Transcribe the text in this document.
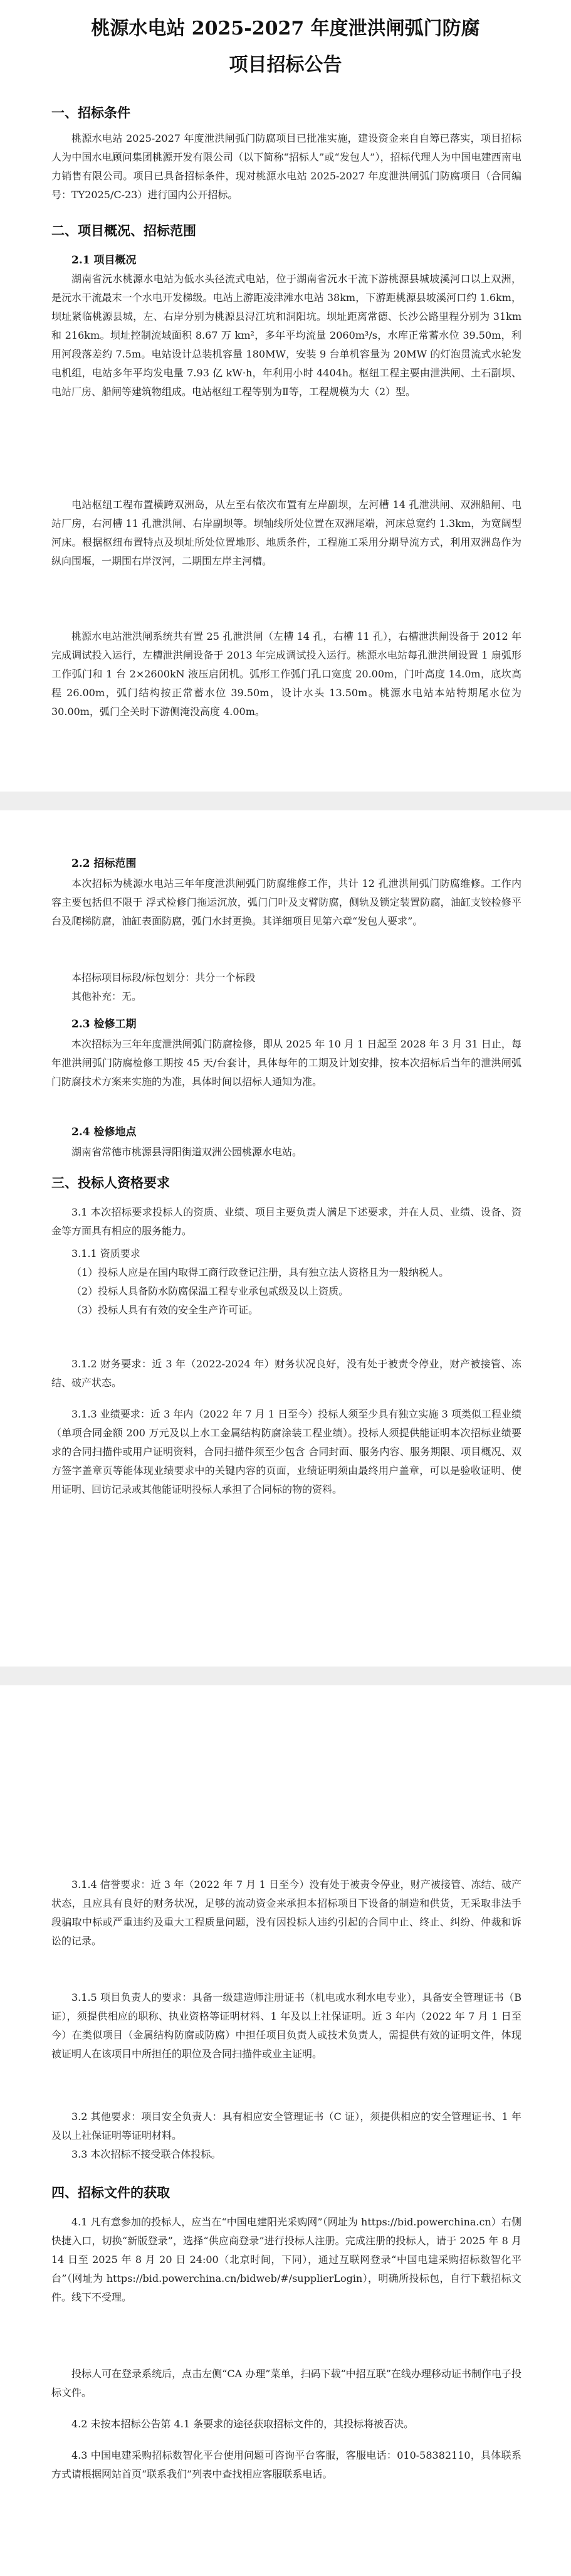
桃源水电站 2025-2027 年度泄洪闸弧门防腐
项目招标公告
一、招标条件

桃源水电站 2025-2027 年度泄洪闸弧门防腐项目已批准实施，建设资金来自自筹已落实，项目招标人为中国水电顾问集团桃源开发有限公司（以下简称“招标人”或“发包人”），招标代理人为中国电建西南电力销售有限公司。项目已具备招标条件，现对桃源水电站 2025-2027 年度泄洪闸弧门防腐项目（合同编号：TY2025/C-23）进行国内公开招标。

二、项目概况、招标范围
2.1 项目概况

湖南省沅水桃源水电站为低水头径流式电站，位于湖南省沅水干流下游桃源县城坡溪河口以上双洲，是沅水干流最末一个水电开发梯级。电站上游距凌津滩水电站 38km，下游距桃源县坡溪河口约 1.6km，坝址紧临桃源县城，左、右岸分别为桃源县浔江坑和洞阳坑。坝址距离常德、长沙公路里程分别为 31km 和 216km。坝址控制流域面积 8.67 万 km²，多年平均流量 2060m³/s，水库正常蓄水位 39.50m，利用河段落差约 7.5m。电站设计总装机容量 180MW，安装 9 台单机容量为 20MW 的灯泡贯流式水轮发电机组，电站多年平均发电量 7.93 亿 kW·h，年利用小时 4404h。枢纽工程主要由泄洪闸、土石副坝、电站厂房、船闸等建筑物组成。电站枢纽工程等别为Ⅱ等，工程规模为大（2）型。

电站枢纽工程布置横跨双洲岛，从左至右依次布置有左岸副坝，左河槽 14 孔泄洪闸、双洲船闸、电站厂房，右河槽 11 孔泄洪闸、右岸副坝等。坝轴线所处位置在双洲尾端，河床总宽约 1.3km，为宽阔型河床。根据枢纽布置特点及坝址所处位置地形、地质条件，工程施工采用分期导流方式，利用双洲岛作为纵向围堰，一期围右岸汊河，二期围左岸主河槽。

桃源水电站泄洪闸系统共有置 25 孔泄洪闸（左槽 14 孔，右槽 11 孔），右槽泄洪闸设备于 2012 年完成调试投入运行，左槽泄洪闸设备于 2013 年完成调试投入运行。桃源水电站每孔泄洪闸设置 1 扇弧形工作弧门和 1 台 2×2600kN 液压启闭机。弧形工作弧门孔口宽度 20.00m，门叶高度 14.0m，底坎高程 26.00m，弧门结构按正常蓄水位 39.50m，设计水头 13.50m。桃源水电站本站特期尾水位为 30.00m，弧门全关时下游侧淹没高度 4.00m。

2.2 招标范围

本次招标为桃源水电站三年年度泄洪闸弧门防腐维修工作，共计 12 孔泄洪闸弧门防腐维修。工作内容主要包括但不限于 浮式检修门拖运沉放，弧门门叶及支臂防腐，侧轨及锁定装置防腐，油缸支铰检修平台及爬梯防腐，油缸表面防腐，弧门水封更换。其详细项目见第六章“发包人要求”。

本招标项目标段/标包划分：共分一个标段

其他补充：无。

2.3 检修工期

本次招标为三年年度泄洪闸弧门防腐检修，即从 2025 年 10 月 1 日起至 2028 年 3 月 31 日止，每年泄洪闸弧门防腐检修工期按 45 天/台套计，具体每年的工期及计划安排，按本次招标后当年的泄洪闸弧门防腐技术方案来实施的为准，具体时间以招标人通知为准。

2.4 检修地点

湖南省常德市桃源县浔阳街道双洲公园桃源水电站。

三、投标人资格要求

3.1 本次招标要求投标人的资质、业绩、项目主要负责人满足下述要求，并在人员、业绩、设备、资金等方面具有相应的服务能力。

3.1.1 资质要求

（1）投标人应是在国内取得工商行政登记注册，具有独立法人资格且为一般纳税人。

（2）投标人具备防水防腐保温工程专业承包贰级及以上资质。

（3）投标人具有有效的安全生产许可证。

3.1.2 财务要求：近 3 年（2022-2024 年）财务状况良好，没有处于被责令停业，财产被接管、冻结、破产状态。

3.1.3 业绩要求：近 3 年内（2022 年 7 月 1 日至今）投标人须至少具有独立实施 3 项类似工程业绩（单项合同金额 200 万元及以上水工金属结构防腐涂装工程业绩）。投标人须提供能证明本次招标业绩要求的合同扫描件或用户证明资料，合同扫描件须至少包含 合同封面、服务内容、服务期限、项目概况、双方签字盖章页等能体现业绩要求中的关键内容的页面，业绩证明须由最终用户盖章，可以是验收证明、使用证明、回访记录或其他能证明投标人承担了合同标的物的资料。

3.1.4 信誉要求：近 3 年（2022 年 7 月 1 日至今）没有处于被责令停业，财产被接管、冻结、破产状态，且应具有良好的财务状况，足够的流动资金来承担本招标项目下设备的制造和供货，无采取非法手段骗取中标或严重违约及重大工程质量问题，没有因投标人违约引起的合同中止、终止、纠纷、仲裁和诉讼的记录。

3.1.5 项目负责人的要求：具备一级建造师注册证书（机电或水利水电专业），具备安全管理证书（B 证），须提供相应的职称、执业资格等证明材料、1 年及以上社保证明。近 3 年内（2022 年 7 月 1 日至今）在类似项目（金属结构防腐或防腐）中担任项目负责人或技术负责人，需提供有效的证明文件，体现被证明人在该项目中所担任的职位及合同扫描件或业主证明。

3.2 其他要求：项目安全负责人：具有相应安全管理证书（C 证），须提供相应的安全管理证书、1 年及以上社保证明等证明材料。

3.3 本次招标不接受联合体投标。

四、招标文件的获取

4.1 凡有意参加的投标人，应当在“中国电建阳光采购网”（网址为 https://bid.powerchina.cn）右侧快捷入口，切换“新版登录”，选择“供应商登录”进行投标人注册。完成注册的投标人，请于 2025 年 8 月 14 日至 2025 年 8 月 20 日 24:00（北京时间，下同），通过互联网登录“中国电建采购招标数智化平台”（网址为 https://bid.powerchina.cn/bidweb/#/supplierLogin），明确所投标包，自行下载招标文件。线下不受理。

投标人可在登录系统后，点击左侧“CA 办理”菜单，扫码下载“中招互联”在线办理移动证书制作电子投标文件。

4.2 未按本招标公告第 4.1 条要求的途径获取招标文件的，其投标将被否决。

4.3 中国电建采购招标数智化平台使用问题可咨询平台客服，客服电话：010-58382110，具体联系方式请根据网站首页“联系我们”列表中查找相应客服联系电话。
